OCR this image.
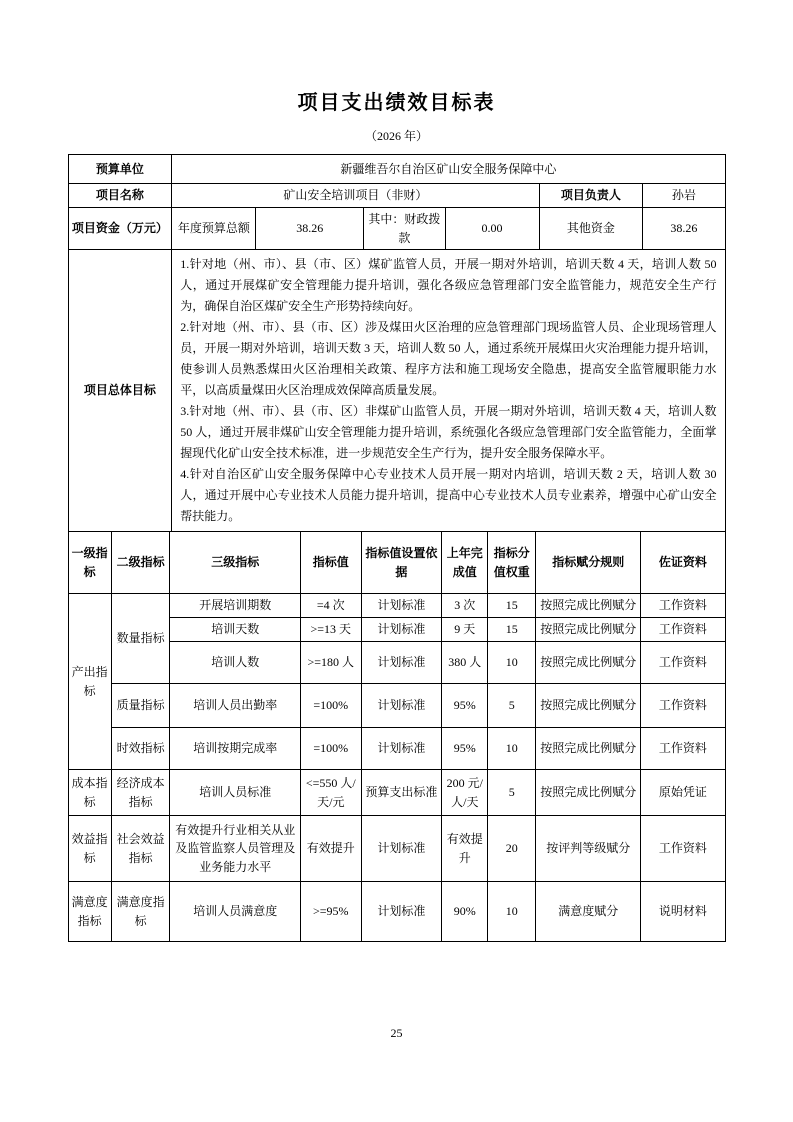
项目支出绩效目标表
（2026 年）
预算单位	新疆维吾尔自治区矿山安全服务保障中心					
项目名称	矿山安全培训项目（非财）				项目负责人	孙岩
项目资金（万元）	年度预算总额	38.26	其中：财政拨款	0.00	其他资金	38.26
项目总体目标	

1.针对地（州、市）、县（市、区）煤矿监管人员，开展一期对外培训，培训天数 4 天，培训人数 50 人，通过开展煤矿安全管理能力提升培训，强化各级应急管理部门安全监管能力，规范安全生产行为，确保自治区煤矿安全生产形势持续向好。

2.针对地（州、市）、县（市、区）涉及煤田火区治理的应急管理部门现场监管人员、企业现场管理人员，开展一期对外培训，培训天数 3 天，培训人数 50 人，通过系统开展煤田火灾治理能力提升培训，使参训人员熟悉煤田火区治理相关政策、程序方法和施工现场安全隐患，提高安全监管履职能力水平，以高质量煤田火区治理成效保障高质量发展。

3.针对地（州、市）、县（市、区）非煤矿山监管人员，开展一期对外培训，培训天数 4 天，培训人数 50 人，通过开展非煤矿山安全管理能力提升培训，系统强化各级应急管理部门安全监管能力，全面掌握现代化矿山安全技术标准，进一步规范安全生产行为，提升安全服务保障水平。

4.针对自治区矿山安全服务保障中心专业技术人员开展一期对内培训，培训天数 2 天，培训人数 30 人，通过开展中心专业技术人员能力提升培训，提高中心专业技术人员专业素养，增强中心矿山安全帮扶能力。

一级指标	二级指标	三级指标	指标值	指标值设置依据	上年完成值	指标分值权重	指标赋分规则	佐证资料
产出指标	数量指标	开展培训期数	=4 次	计划标准	3 次	15	按照完成比例赋分	工作资料
		培训天数	>=13 天	计划标准	9 天	15	按照完成比例赋分	工作资料
		培训人数	>=180 人	计划标准	380 人	10	按照完成比例赋分	工作资料
	质量指标	培训人员出勤率	=100%	计划标准	95%	5	按照完成比例赋分	工作资料
	时效指标	培训按期完成率	=100%	计划标准	95%	10	按照完成比例赋分	工作资料
成本指标	经济成本指标	培训人员标准	<=550 人/天/元	预算支出标准	200 元/人/天	5	按照完成比例赋分	原始凭证
效益指标	社会效益指标	有效提升行业相关从业及监管监察人员管理及业务能力水平	有效提升	计划标准	有效提升	20	按评判等级赋分	工作资料
满意度指标	满意度指标	培训人员满意度	>=95%	计划标准	90%	10	满意度赋分	说明材料
25
